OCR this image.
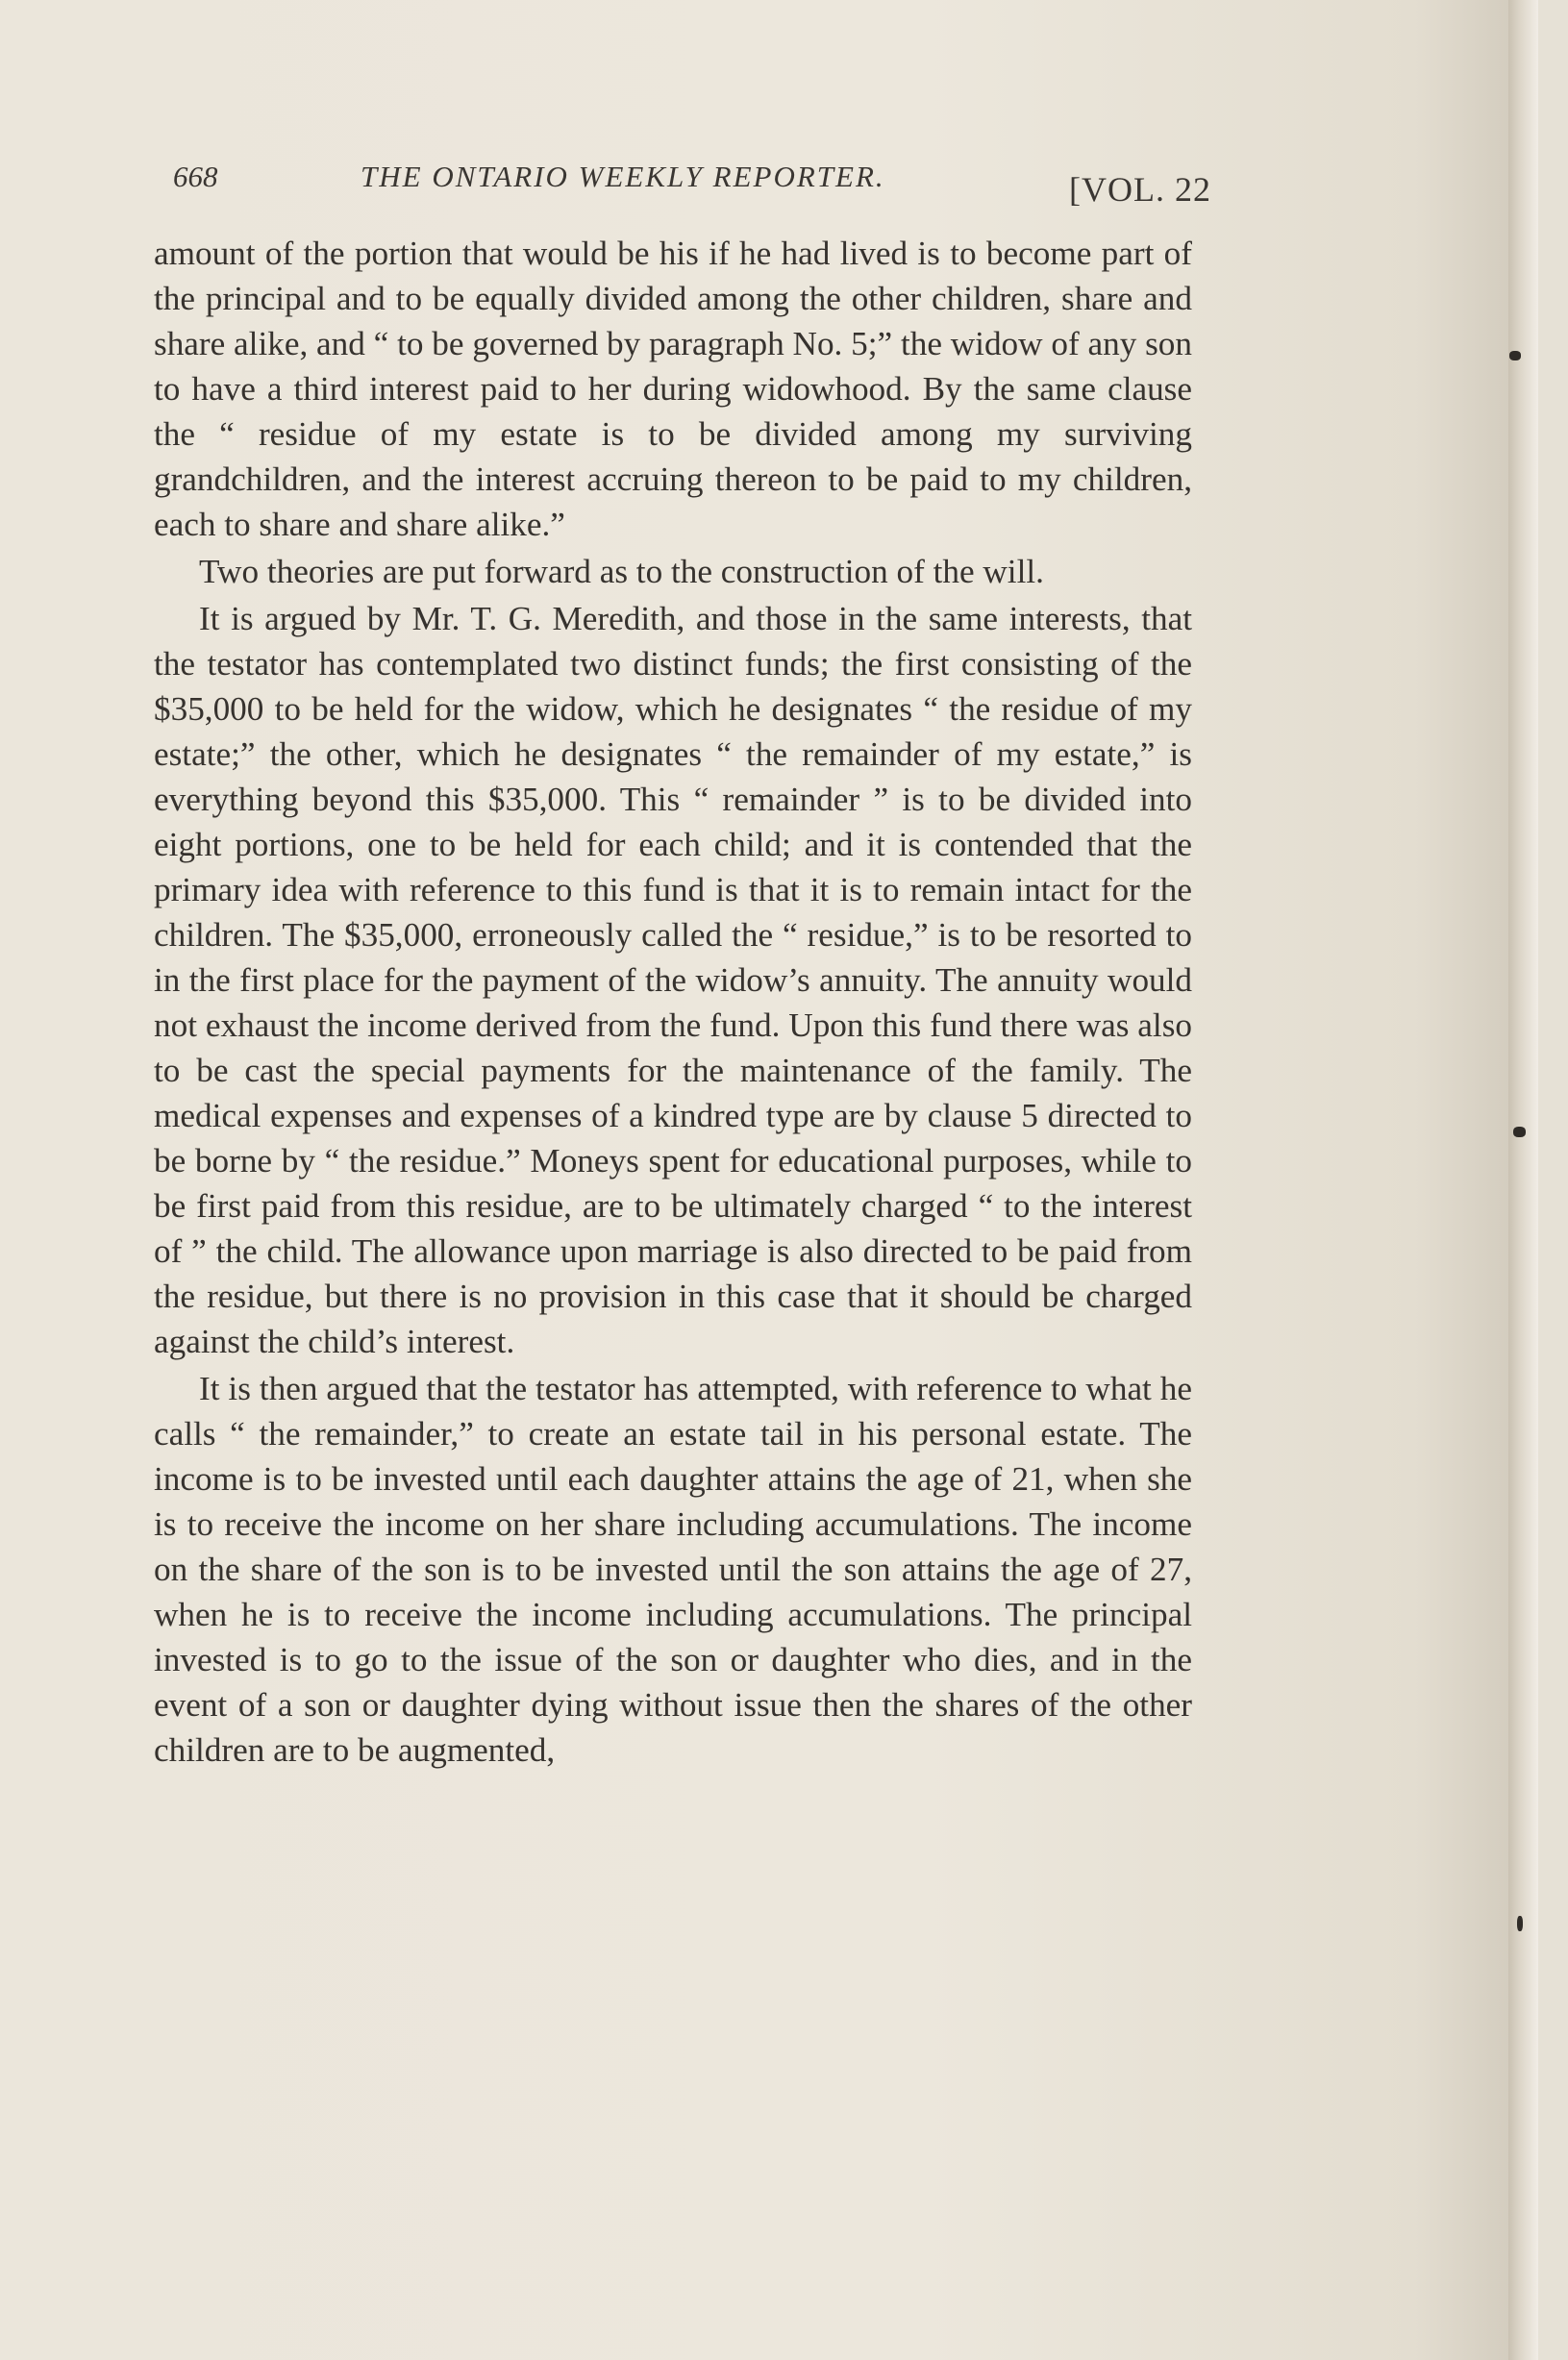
668	THE ONTARIO WEEKLY REPORTER.	[VOL. 22

amount of the portion that would be his if he had lived is to become part of the principal and to be equally divided among the other children, share and share alike, and “ to be governed by paragraph No. 5;” the widow of any son to have a third interest paid to her during widowhood. By the same clause the “ residue of my estate is to be divided among my surviving grandchildren, and the interest accruing thereon to be paid to my children, each to share and share alike.”

Two theories are put forward as to the construction of the will.

It is argued by Mr. T. G. Meredith, and those in the same interests, that the testator has contemplated two distinct funds; the first consisting of the $35,000 to be held for the widow, which he designates “ the residue of my estate;” the other, which he designates “ the remainder of my estate,” is everything beyond this $35,000. This “ remainder ” is to be divided into eight portions, one to be held for each child; and it is contended that the primary idea with reference to this fund is that it is to remain intact for the children. The $35,000, erroneously called the “ residue,” is to be resorted to in the first place for the payment of the widow’s annuity. The annuity would not exhaust the income derived from the fund. Upon this fund there was also to be cast the special payments for the maintenance of the family. The medical expenses and expenses of a kindred type are by clause 5 directed to be borne by “ the residue.” Moneys spent for educational purposes, while to be first paid from this residue, are to be ultimately charged “ to the interest of ” the child. The allowance upon marriage is also directed to be paid from the residue, but there is no provision in this case that it should be charged against the child’s interest.

It is then argued that the testator has attempted, with reference to what he calls “ the remainder,” to create an estate tail in his personal estate. The income is to be invested until each daughter attains the age of 21, when she is to receive the income on her share including accumulations. The income on the share of the son is to be invested until the son attains the age of 27, when he is to receive the income including accumulations. The principal invested is to go to the issue of the son or daughter who dies, and in the event of a son or daughter dying without issue then the shares of the other children are to be augmented,
